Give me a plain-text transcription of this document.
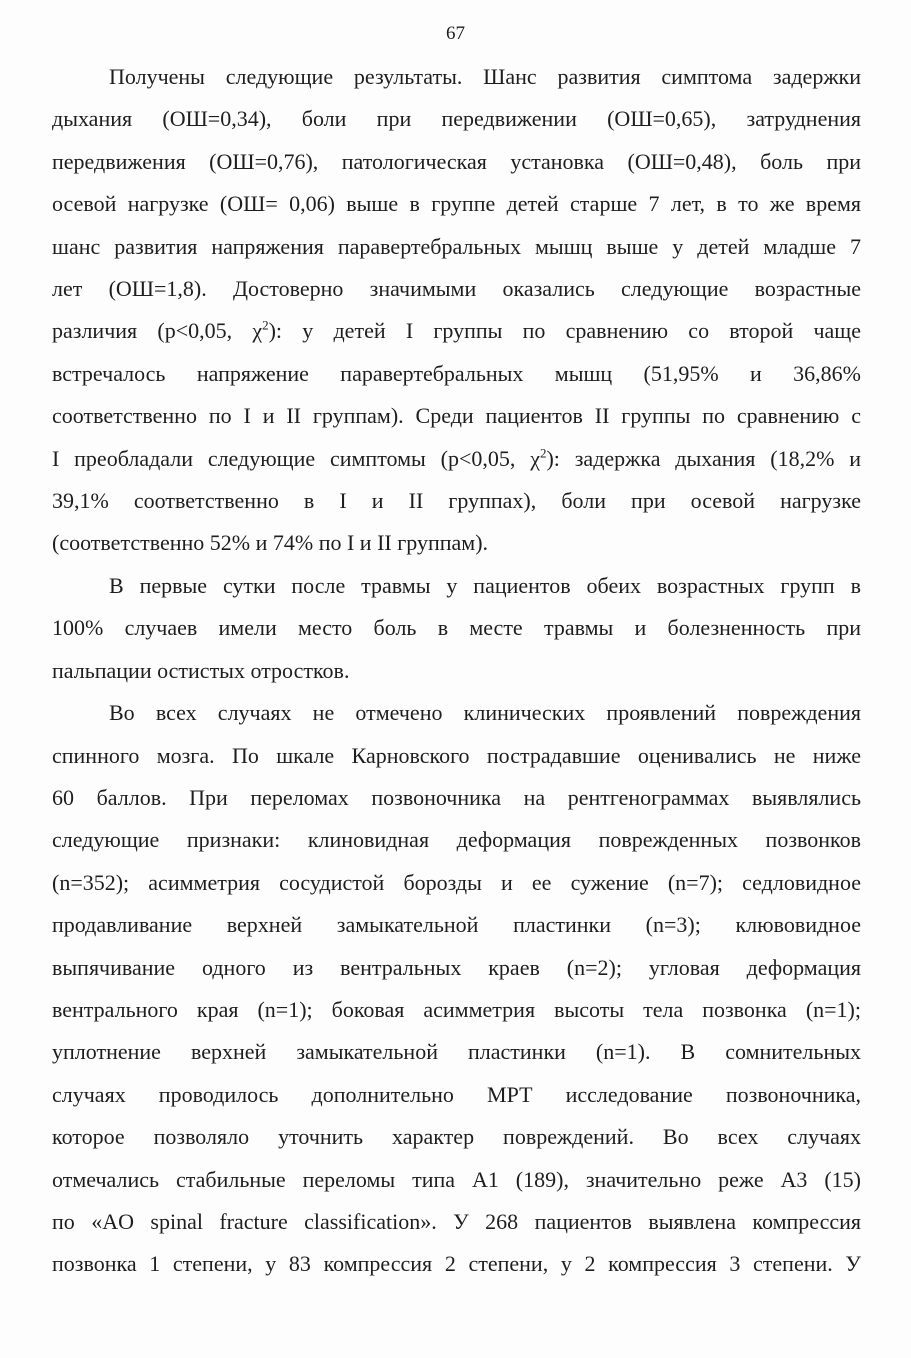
67

Получены следующие результаты. Шанс развития симптома задержки
дыхания (ОШ=0,34), боли при передвижении (ОШ=0,65), затруднения
передвижения (ОШ=0,76), патологическая установка (ОШ=0,48), боль при
осевой нагрузке (ОШ= 0,06) выше в группе детей старше 7 лет, в то же время
шанс развития напряжения паравертебральных мышц выше у детей младше 7
лет (ОШ=1,8). Достоверно значимыми оказались следующие возрастные
различия (p<0,05, $\chi^2$): у детей I группы по сравнению со второй чаще
встречалось напряжение паравертебральных мышц (51,95% и 36,86%
соответственно по I и II группам). Среди пациентов II группы по сравнению с
I преобладали следующие симптомы (p<0,05, $\chi^2$): задержка дыхания (18,2% и
39,1% соответственно в I и II группах), боли при осевой нагрузке
(соответственно 52% и 74% по I и II группам).

В первые сутки после травмы у пациентов обеих возрастных групп в
100% случаев имели место боль в месте травмы и болезненность при
пальпации остистых отростков.

Во всех случаях не отмечено клинических проявлений повреждения
спинного мозга. По шкале Карновского пострадавшие оценивались не ниже
60 баллов. При переломах позвоночника на рентгенограммах выявлялись
следующие признаки: клиновидная деформация поврежденных позвонков
(n=352); асимметрия сосудистой борозды и ее сужение (n=7); седловидное
продавливание верхней замыкательной пластинки (n=3); клювовидное
выпячивание одного из вентральных краев (n=2); угловая деформация
вентрального края (n=1); боковая асимметрия высоты тела позвонка (n=1);
уплотнение верхней замыкательной пластинки (n=1). В сомнительных
случаях проводилось дополнительно МРТ исследование позвоночника,
которое позволяло уточнить характер повреждений. Во всех случаях
отмечались стабильные переломы типа A1 (189), значительно реже A3 (15)
по «AO spinal fracture classification». У 268 пациентов выявлена компрессия
позвонка 1 степени, у 83 компрессия 2 степени, у 2 компрессия 3 степени. У
